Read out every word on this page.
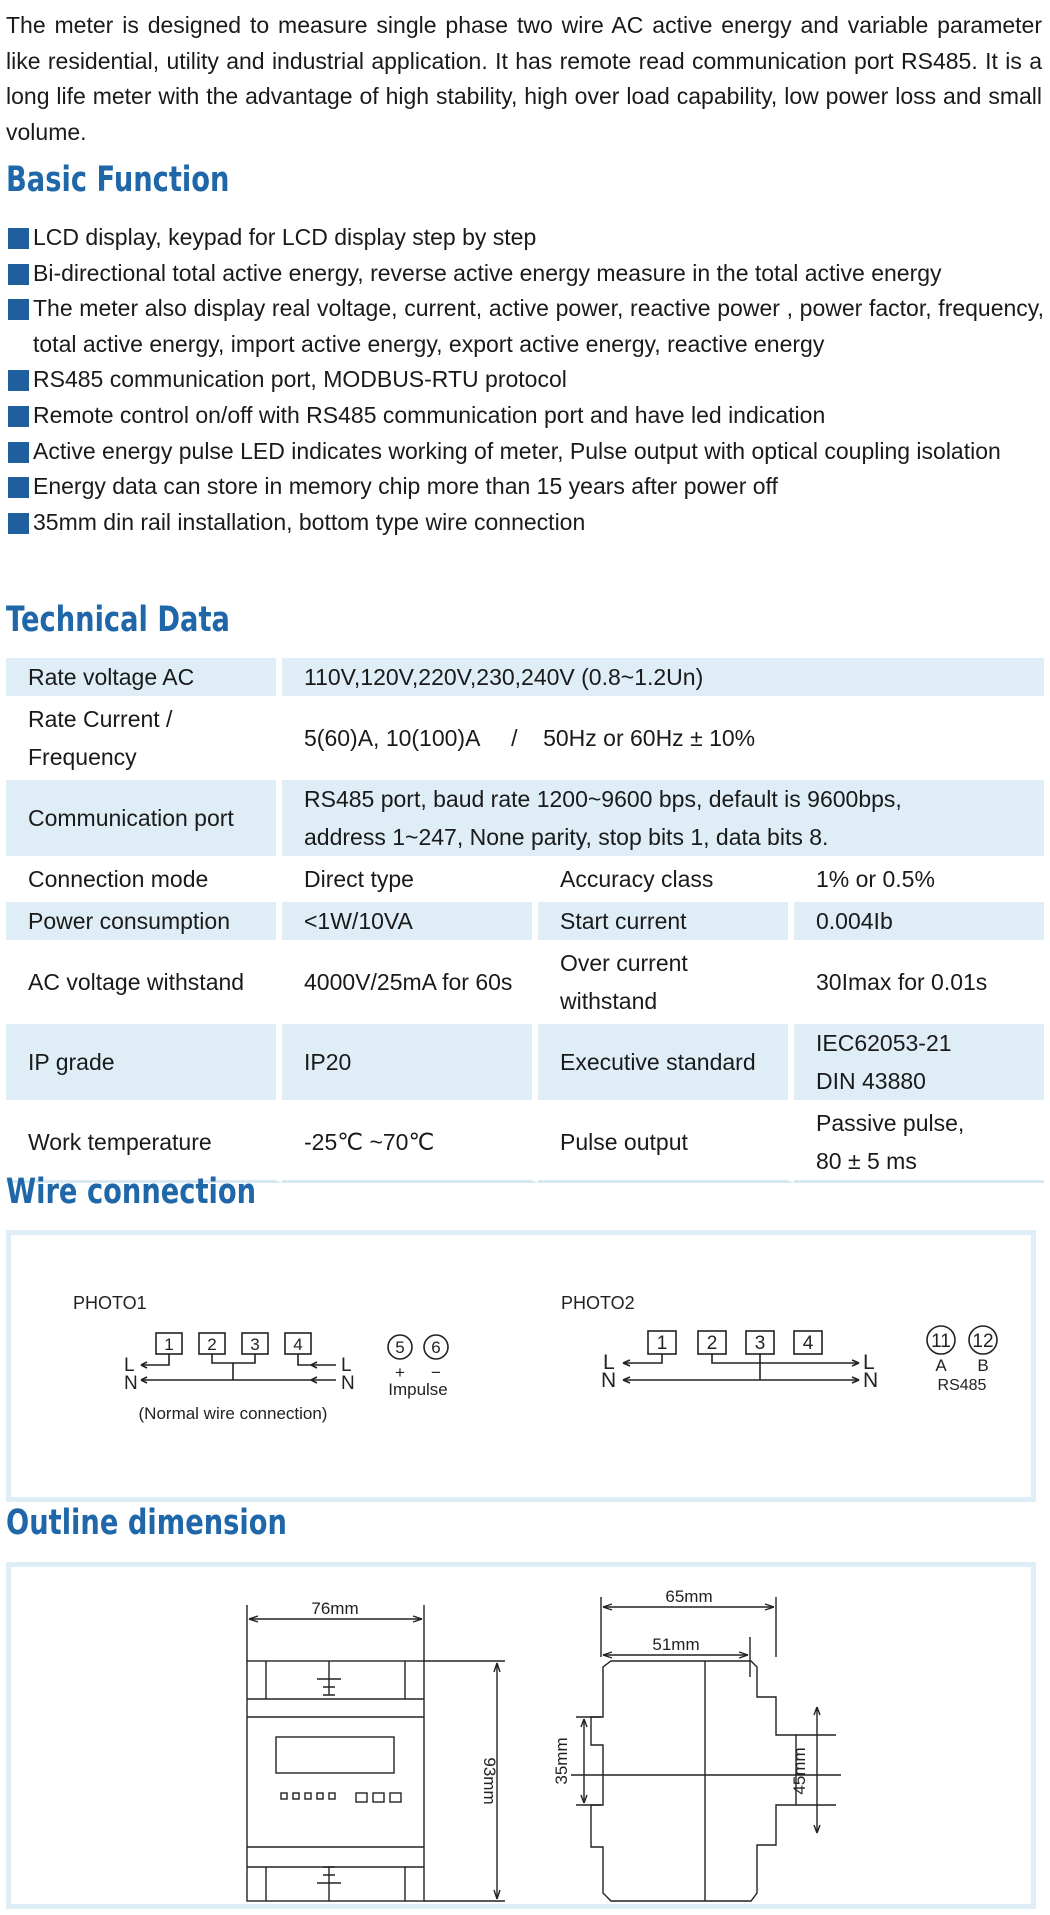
The meter is designed to measure single phase two wire AC active energy and variable parameter like residential, utility and industrial application. It has remote read communication port RS485. It is a long life meter with the advantage of high stability, high over load capability, low power loss and small volume.

Basic Function
LCD display, keypad for LCD display step by step
Bi-directional total active energy, reverse active energy measure in the total active energy
The meter also display real voltage, current, active power, reactive power , power factor, frequency, total active energy, import active energy, export active energy, reactive energy
RS485 communication port, MODBUS-RTU protocol
Remote control on/off with RS485 communication port and have led indication
Active energy pulse LED indicates working of meter, Pulse output with optical coupling isolation
Energy data can store in memory chip more than 15 years after power off
35mm din rail installation, bottom type wire connection
Technical Data
Rate voltage AC	110V,120V,220V,230,240V (0.8~1.2Un)		
Rate Current / Frequency	5(60)A, 10(100)A     /    50Hz or 60Hz ± 10%		
Communication port	RS485 port, baud rate 1200~9600 bps, default is 9600bps, address 1~247, None parity, stop bits 1, data bits 8.		
Connection mode	Direct type	Accuracy class	1% or 0.5%
Power consumption	<1W/10VA	Start current	0.004Ib
AC voltage withstand	4000V/25mA for 60s	Over current withstand	30Imax for 0.01s
IP grade	IP20	Executive standard	IEC62053-21 DIN 43880
Work temperature	-25℃ ~70℃	Pulse output	Passive pulse, 80 ± 5 ms
Wire connection
PHOTO1
1 2 3 4
L
N
L
N
5 6
+ −
Impulse
(Normal wire connection)
PHOTO2
1 2 3 4
L
N
L
N
11 12
A B
RS485
Outline dimension
76mm
93mm
65mm
51mm
35mm	45mm
